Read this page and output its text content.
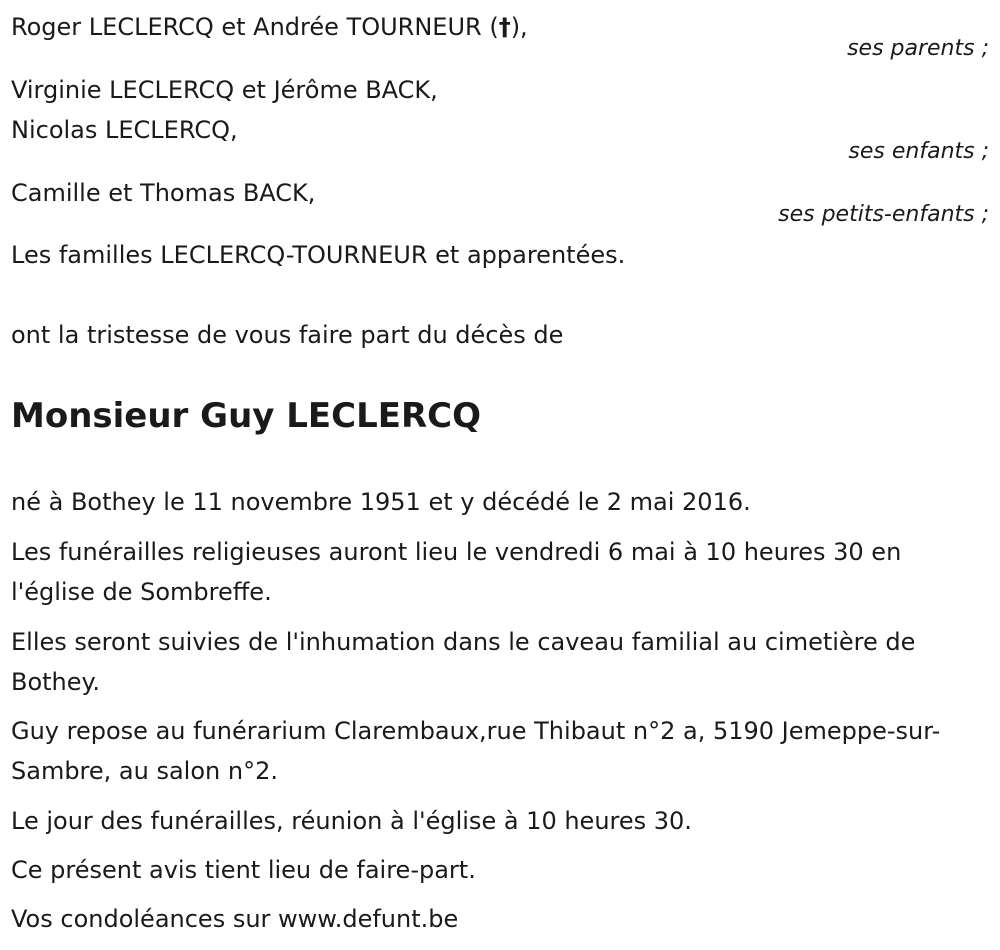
Roger LECLERCQ et Andrée TOURNEUR (†),
ses parents ;
Virginie LECLERCQ et Jérôme BACK,
Nicolas LECLERCQ,
ses enfants ;
Camille et Thomas BACK,
ses petits-enfants ;
Les familles LECLERCQ-TOURNEUR et apparentées.
ont la tristesse de vous faire part du décès de
Monsieur Guy LECLERCQ
né à Bothey le 11 novembre 1951 et y décédé le 2 mai 2016.
Les funérailles religieuses auront lieu le vendredi 6 mai à 10 heures 30 en l'église de Sombreffe.
Elles seront suivies de l'inhumation dans le caveau familial au cimetière de Bothey.
Guy repose au funérarium Clarembaux,rue Thibaut n°2 a, 5190 Jemeppe-sur-Sambre, au salon n°2.
Le jour des funérailles, réunion à l'église à 10 heures 30.
Ce présent avis tient lieu de faire-part.
Vos condoléances sur www.defunt.be
